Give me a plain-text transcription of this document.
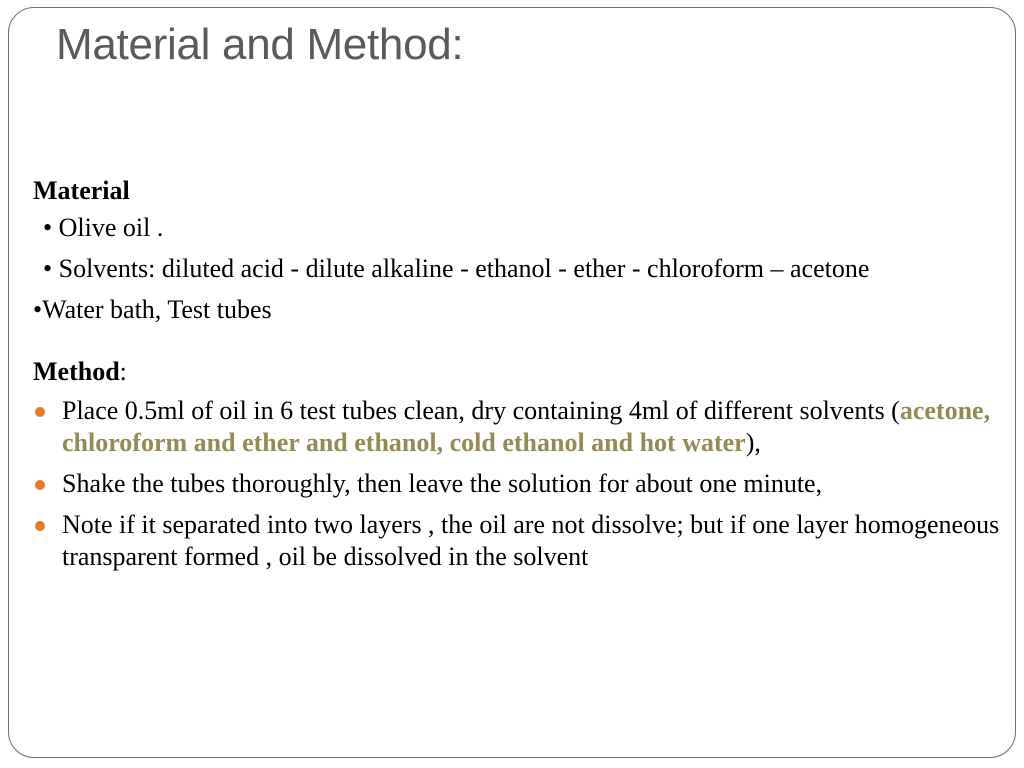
Material and Method:

Material

• Olive oil .

• Solvents: diluted acid - dilute alkaline - ethanol - ether - chloroform – acetone

•Water bath, Test tubes

Method:

Place 0.5ml of oil in 6 test tubes clean, dry containing 4ml of different solvents (acetone, chloroform and ether and ethanol, cold ethanol and hot water),
Shake the tubes thoroughly, then leave the solution for about one minute,
Note if it separated into two layers , the oil are not dissolve; but if one layer homogeneous transparent formed , oil be dissolved in the solvent
